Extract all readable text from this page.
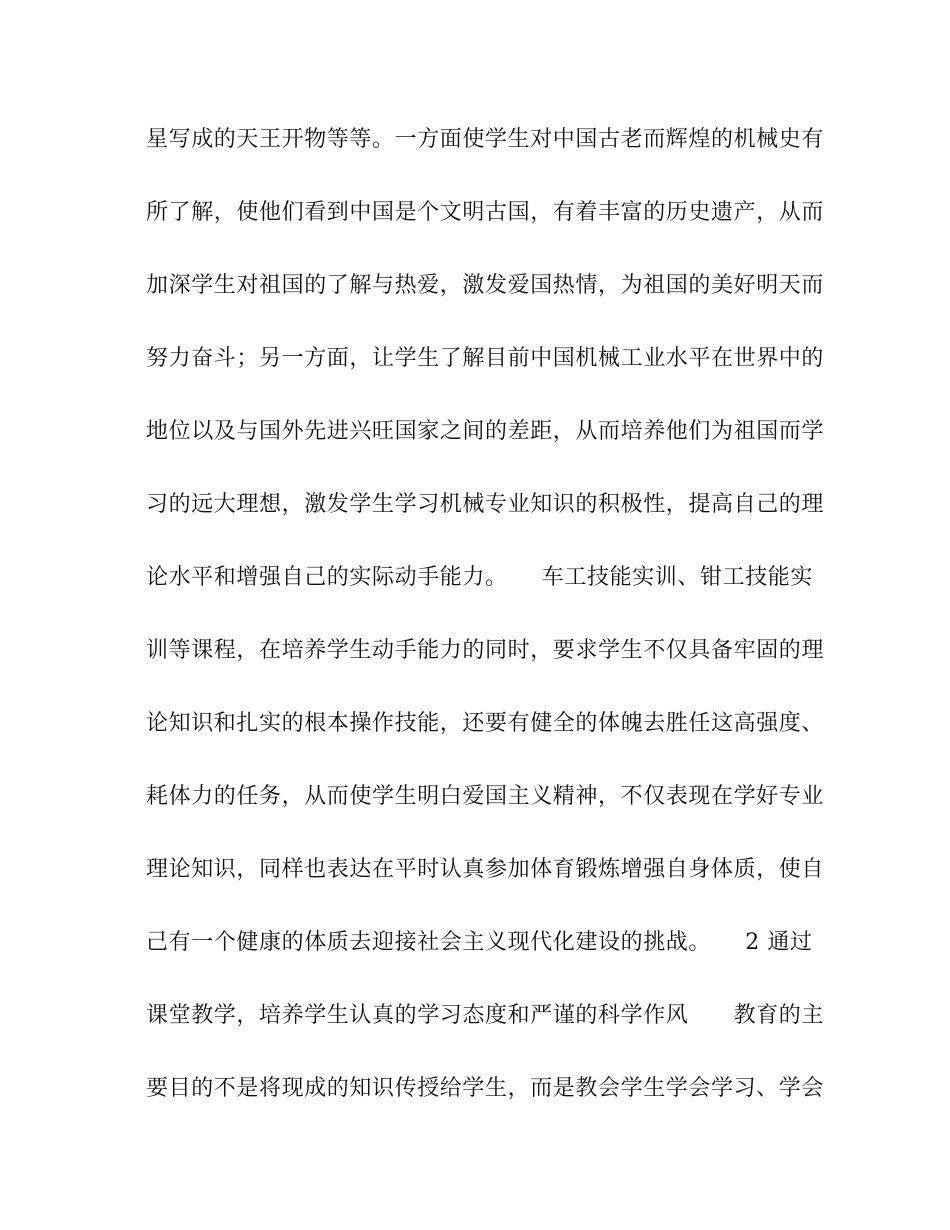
星写成的天王开物等等。一方面使学生对中国古老而辉煌的机械史有
所了解，使他们看到中国是个文明古国，有着丰富的历史遗产，从而
加深学生对祖国的了解与热爱，激发爱国热情，为祖国的美好明天而
努力奋斗；另一方面，让学生了解目前中国机械工业水平在世界中的
地位以及与国外先进兴旺国家之间的差距，从而培养他们为祖国而学
习的远大理想，激发学生学习机械专业知识的积极性，提高自己的理
论水平和增强自己的实际动手能力。　　车工技能实训、钳工技能实
训等课程，在培养学生动手能力的同时，要求学生不仅具备牢固的理
论知识和扎实的根本操作技能，还要有健全的体魄去胜任这高强度、
耗体力的任务，从而使学生明白爱国主义精神，不仅表现在学好专业
理论知识，同样也表达在平时认真参加体育锻炼增强自身体质，使自
己有一个健康的体质去迎接社会主义现代化建设的挑战。　　2 通过
课堂教学，培养学生认真的学习态度和严谨的科学作风　　教育的主
要目的不是将现成的知识传授给学生，而是教会学生学会学习、学会
